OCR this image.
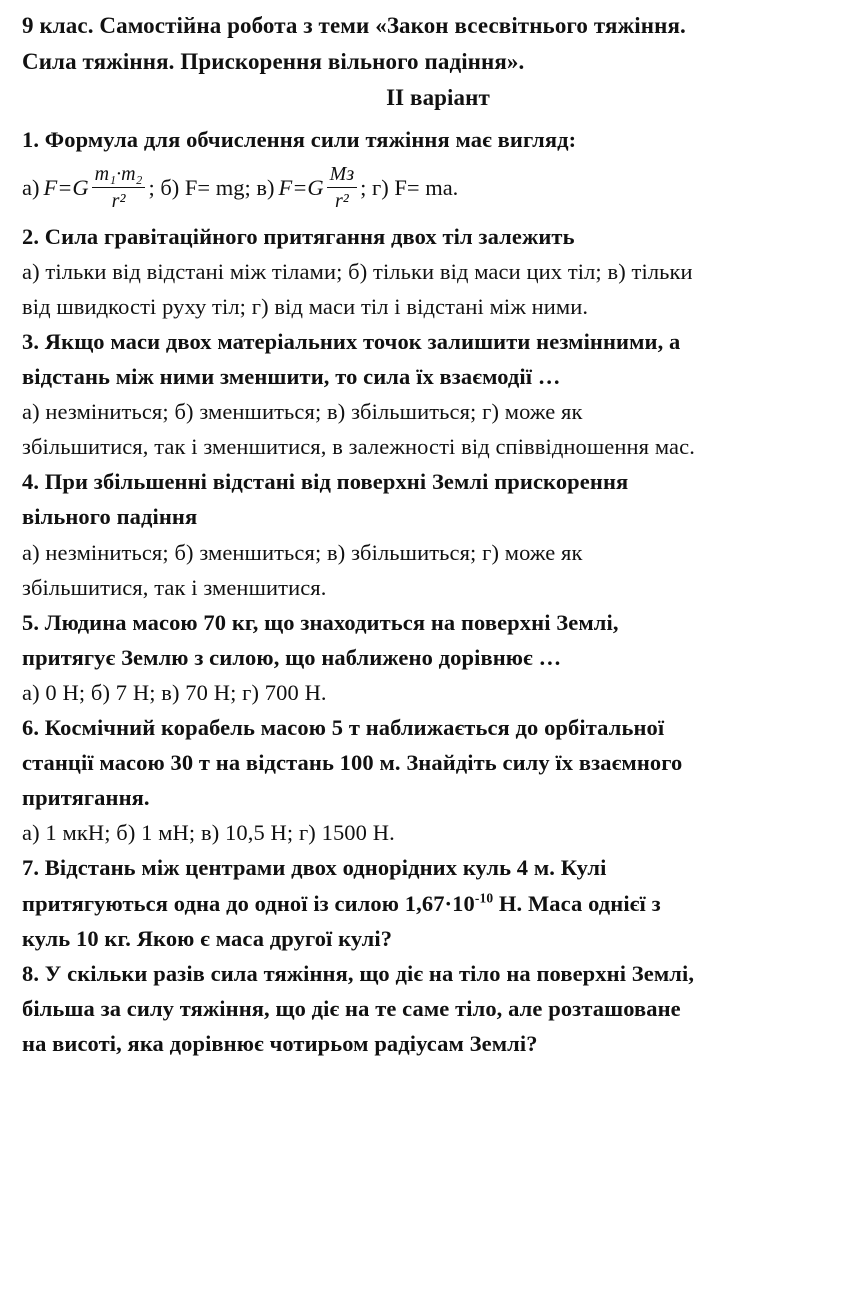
9 клас. Самостійна робота з теми «Закон всесвітнього тяжіння.
Сила тяжіння. Прискорення вільного падіння».
ІІ варіант
1. Формула для обчислення сили тяжіння має вигляд:
а) $F=G \frac{\text{m₁·m₂}}{\text{r²}}$ ; б) F= mg; в) $F=G \frac{Mз}{\text{r²}}$ ; г) F= ma.
2. Сила гравітаційного притягання двох тіл залежить
а) тільки від відстані між тілами; б) тільки від маси цих тіл; в) тільки
від швидкості руху тіл; г) від маси тіл і відстані між ними.
3. Якщо маси двох матеріальних точок залишити незмінними, а
відстань між ними зменшити, то сила їх взаємодії …
а) незміниться; б) зменшиться; в) збільшиться; г) може як
збільшитися, так і зменшитися, в залежності від співвідношення мас.
4. При збільшенні відстані від поверхні Землі прискорення
вільного падіння
а) незміниться; б) зменшиться; в) збільшиться; г) може як
збільшитися, так і зменшитися.
5. Людина масою 70 кг, що знаходиться на поверхні Землі,
притягує Землю з силою, що наближено дорівнює …
а) 0 Н; б) 7 Н; в) 70 Н; г) 700 Н.
6. Космічний корабель масою 5 т наближається до орбітальної
станції масою 30 т на відстань 100 м. Знайдіть силу їх взаємного
притягання.
а) 1 мкН; б) 1 мН; в) 10,5 Н; г) 1500 Н.
7. Відстань між центрами двох однорідних куль 4 м. Кулі
притягуються одна до одної із силою $1,67\cdot 10^{-10}$ Н. Маса однієї з
куль 10 кг. Якою є маса другої кулі?
8. У скільки разів сила тяжіння, що діє на тіло на поверхні Землі,
більша за силу тяжіння, що діє на те саме тіло, але розташоване
на висоті, яка дорівнює чотирьом радіусам Землі?
